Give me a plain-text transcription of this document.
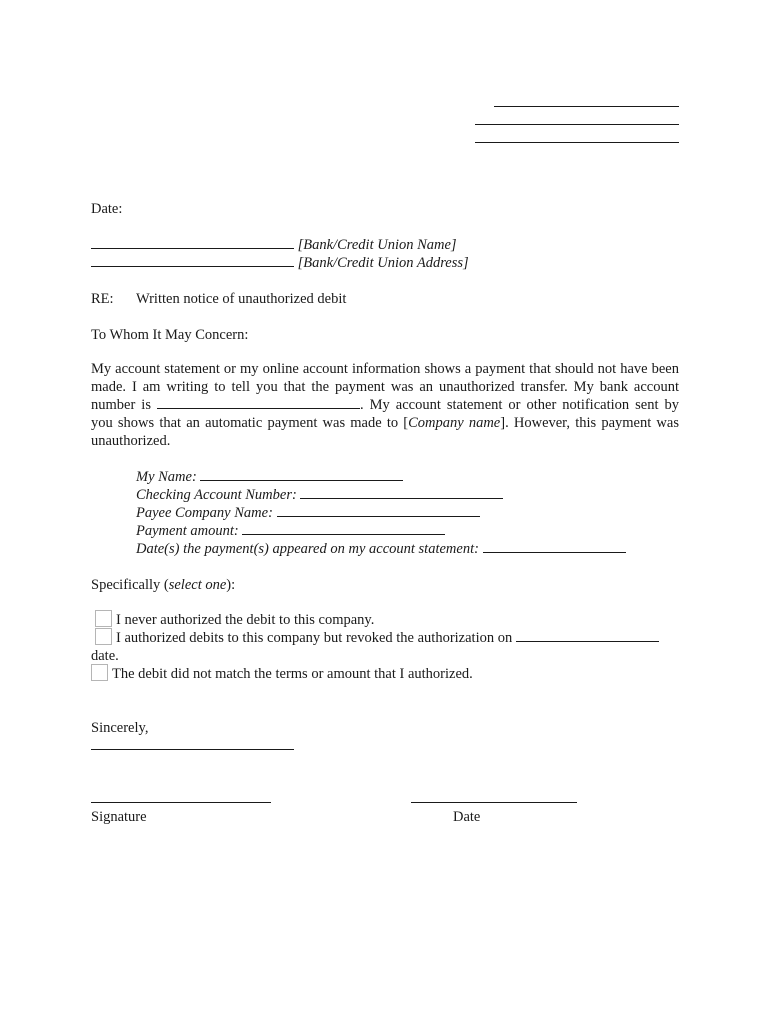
Date:
[Bank/Credit Union Name]
[Bank/Credit Union Address]
RE: Written notice of unauthorized debit
To Whom It May Concern:
My account statement or my online account information shows a payment that should not have been made. I am writing to tell you that the payment was an unauthorized transfer. My bank account number is	. My account statement or other notification sent by you shows that an automatic payment was made to [Company name]. However, this payment was unauthorized.
My Name:
Checking Account Number:
Payee Company Name:
Payment amount:
Date(s) the payment(s) appeared on my account statement:
Specifically (select one):
I never authorized the debit to this company.
I authorized debits to this company but revoked the authorization on
date.
The debit did not match the terms or amount that I authorized.
Sincerely,
Signature	Date
